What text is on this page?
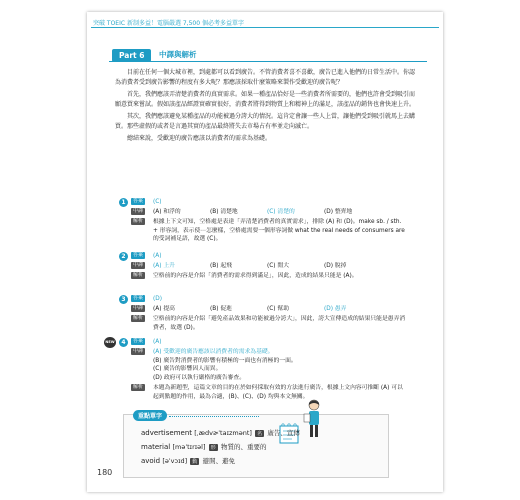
突破 TOEIC 新制多益！電腦嚴選 7,500 個必考多益單字
Part 6	中譯與解析

目前在任何一個大城市裡，到處都可以看到廣告。不管消費者喜不喜歡，廣告已進入他們的日常生活中。你認為消費者受到廣告影響的程度有多大呢？那應該採取什麼策略來製作受歡迎的廣告呢？

首先，我們應該弄清楚消費者的真實需求。如果一種產品恰好是一些消費者所需要的，他們也許會受到吸引而願意買來嘗試。假如該產品經證實確實很好，消費者將得到物質上和精神上的滿足，該產品的銷售也會快速上升。

其次，我們應該避免某種產品的功能被過分誇大的情況。這肯定會讓一些人上當，讓他們受到吸引就馬上去購買。那些虛假的或者是言過其實的產品最終將失去市場占有率並走向滅亡。

總結來說，受歡迎的廣告應該以消費者的需求為基礎。

1	答案	(C)
中譯	(A) 和浮的	(B) 清楚地	(C) 清楚的	(D) 整齊地
解析	根據上下文可知，空格處是表達「弄清楚消費者的真實需求」，排除 (A) 和 (D)。make sb. / sth. + 形容詞，表示使⋯怎麼樣，空格處需要一個形容詞做 what the real needs of consumers are 的受詞補足語，故選 (C)。
2	答案	(A)
中譯	(A) 上升	(B) 起飛	(C) 閒大	(D) 脫掉
解析	空格前的內容是介紹「消費者的需求得到滿足」，因此，造成的結果只能是 (A)。
3	答案	(D)
中譯	(A) 提高	(B) 促進	(C) 幫助	(D) 愚弄
解析	空格前的內容是介紹「避免產品效果和功能被過分誇大」，因此，誇大宣傳造成的結果只能是愚弄消費者，故選 (D)。
NEW	4	答案	(A)
中譯	(A) 受歡迎的廣告應該以消費者的需求為基礎。
(B) 廣告對消費者的影響有積極的一面也有消極的一面。
(C) 廣告的影響因人而異。
(D) 政府可以執行嚴格的廣告審查。
解析	本題為新題型，這篇文章的目的在於如何採取有效的方法進行廣告，根據上文內容可推斷 (A) 可以起到點題的作用，最為合適，(B)、(C)、(D) 均與本文無關。
重點單字
advertisement [ˌædvɚˈtaɪzmənt] 名 廣告、宣傳
material [məˈtɪrɪəl] 形 物質的、重要的
avoid [əˈvɔɪd] 動 避開、避免
180
